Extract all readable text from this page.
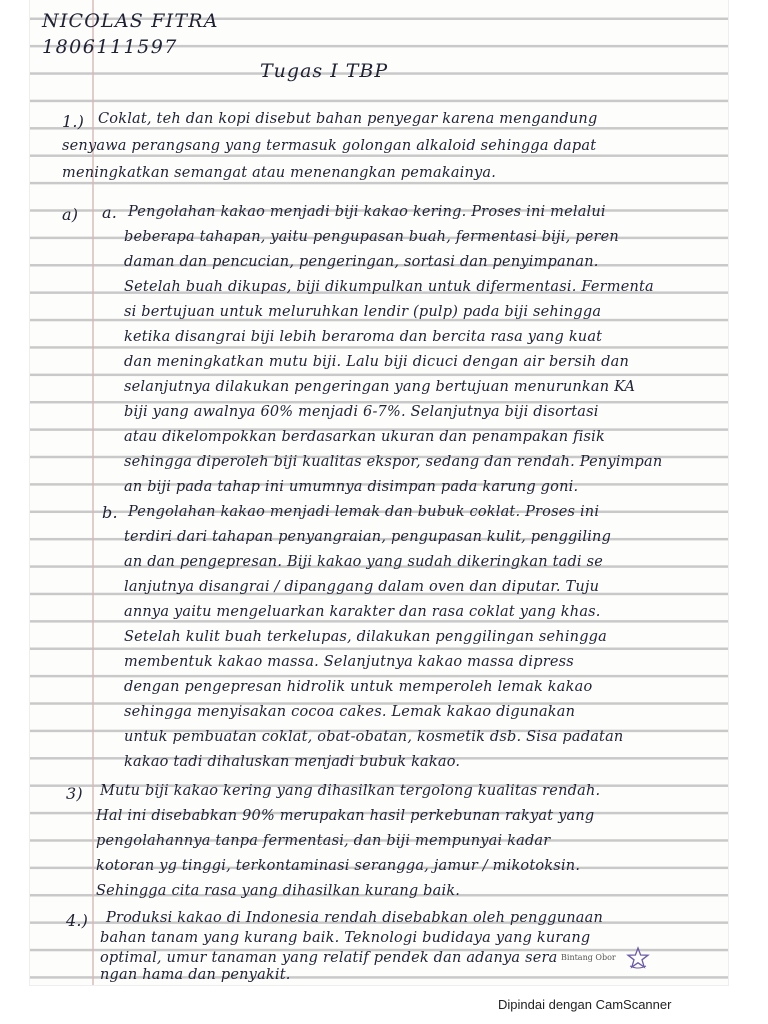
NICOLAS FITRA
1806111597
Tugas I TBP
1.) Coklat, teh dan kopi disebut bahan penyegar karena mengandung
senyawa perangsang yang termasuk golongan alkaloid sehingga dapat
meningkatkan semangat atau menenangkan pemakainya.
a) a. Pengolahan kakao menjadi biji kakao kering. Proses ini melalui
beberapa tahapan, yaitu pengupasan buah, fermentasi biji, peren
daman dan pencucian, pengeringan, sortasi dan penyimpanan.
Setelah buah dikupas, biji dikumpulkan untuk difermentasi. Fermenta
si bertujuan untuk meluruhkan lendir (pulp) pada biji sehingga
ketika disangrai biji lebih beraroma dan bercita rasa yang kuat
dan meningkatkan mutu biji. Lalu biji dicuci dengan air bersih dan
selanjutnya dilakukan pengeringan yang bertujuan menurunkan KA
biji yang awalnya 60% menjadi 6-7%. Selanjutnya biji disortasi
atau dikelompokkan berdasarkan ukuran dan penampakan fisik
sehingga diperoleh biji kualitas ekspor, sedang dan rendah. Penyimpan
an biji pada tahap ini umumnya disimpan pada karung goni.
b. Pengolahan kakao menjadi lemak dan bubuk coklat. Proses ini
terdiri dari tahapan penyangraian, pengupasan kulit, penggiling
an dan pengepresan. Biji kakao yang sudah dikeringkan tadi se
lanjutnya disangrai / dipanggang dalam oven dan diputar. Tuju
annya yaitu mengeluarkan karakter dan rasa coklat yang khas.
Setelah kulit buah terkelupas, dilakukan penggilingan sehingga
membentuk kakao massa. Selanjutnya kakao massa dipress
dengan pengepresan hidrolik untuk memperoleh lemak kakao
sehingga menyisakan cocoa cakes. Lemak kakao digunakan
untuk pembuatan coklat, obat-obatan, kosmetik dsb. Sisa padatan
kakao tadi dihaluskan menjadi bubuk kakao.
3) Mutu biji kakao kering yang dihasilkan tergolong kualitas rendah.
Hal ini disebabkan 90% merupakan hasil perkebunan rakyat yang
pengolahannya tanpa fermentasi, dan biji mempunyai kadar
kotoran yg tinggi, terkontaminasi serangga, jamur / mikotoksin.
Sehingga cita rasa yang dihasilkan kurang baik.
4.) Produksi kakao di Indonesia rendah disebabkan oleh penggunaan
bahan tanam yang kurang baik. Teknologi budidaya yang kurang
optimal, umur tanaman yang relatif pendek dan adanya sera
ngan hama dan penyakit.
Bintang Obor
Dipindai dengan CamScanner
